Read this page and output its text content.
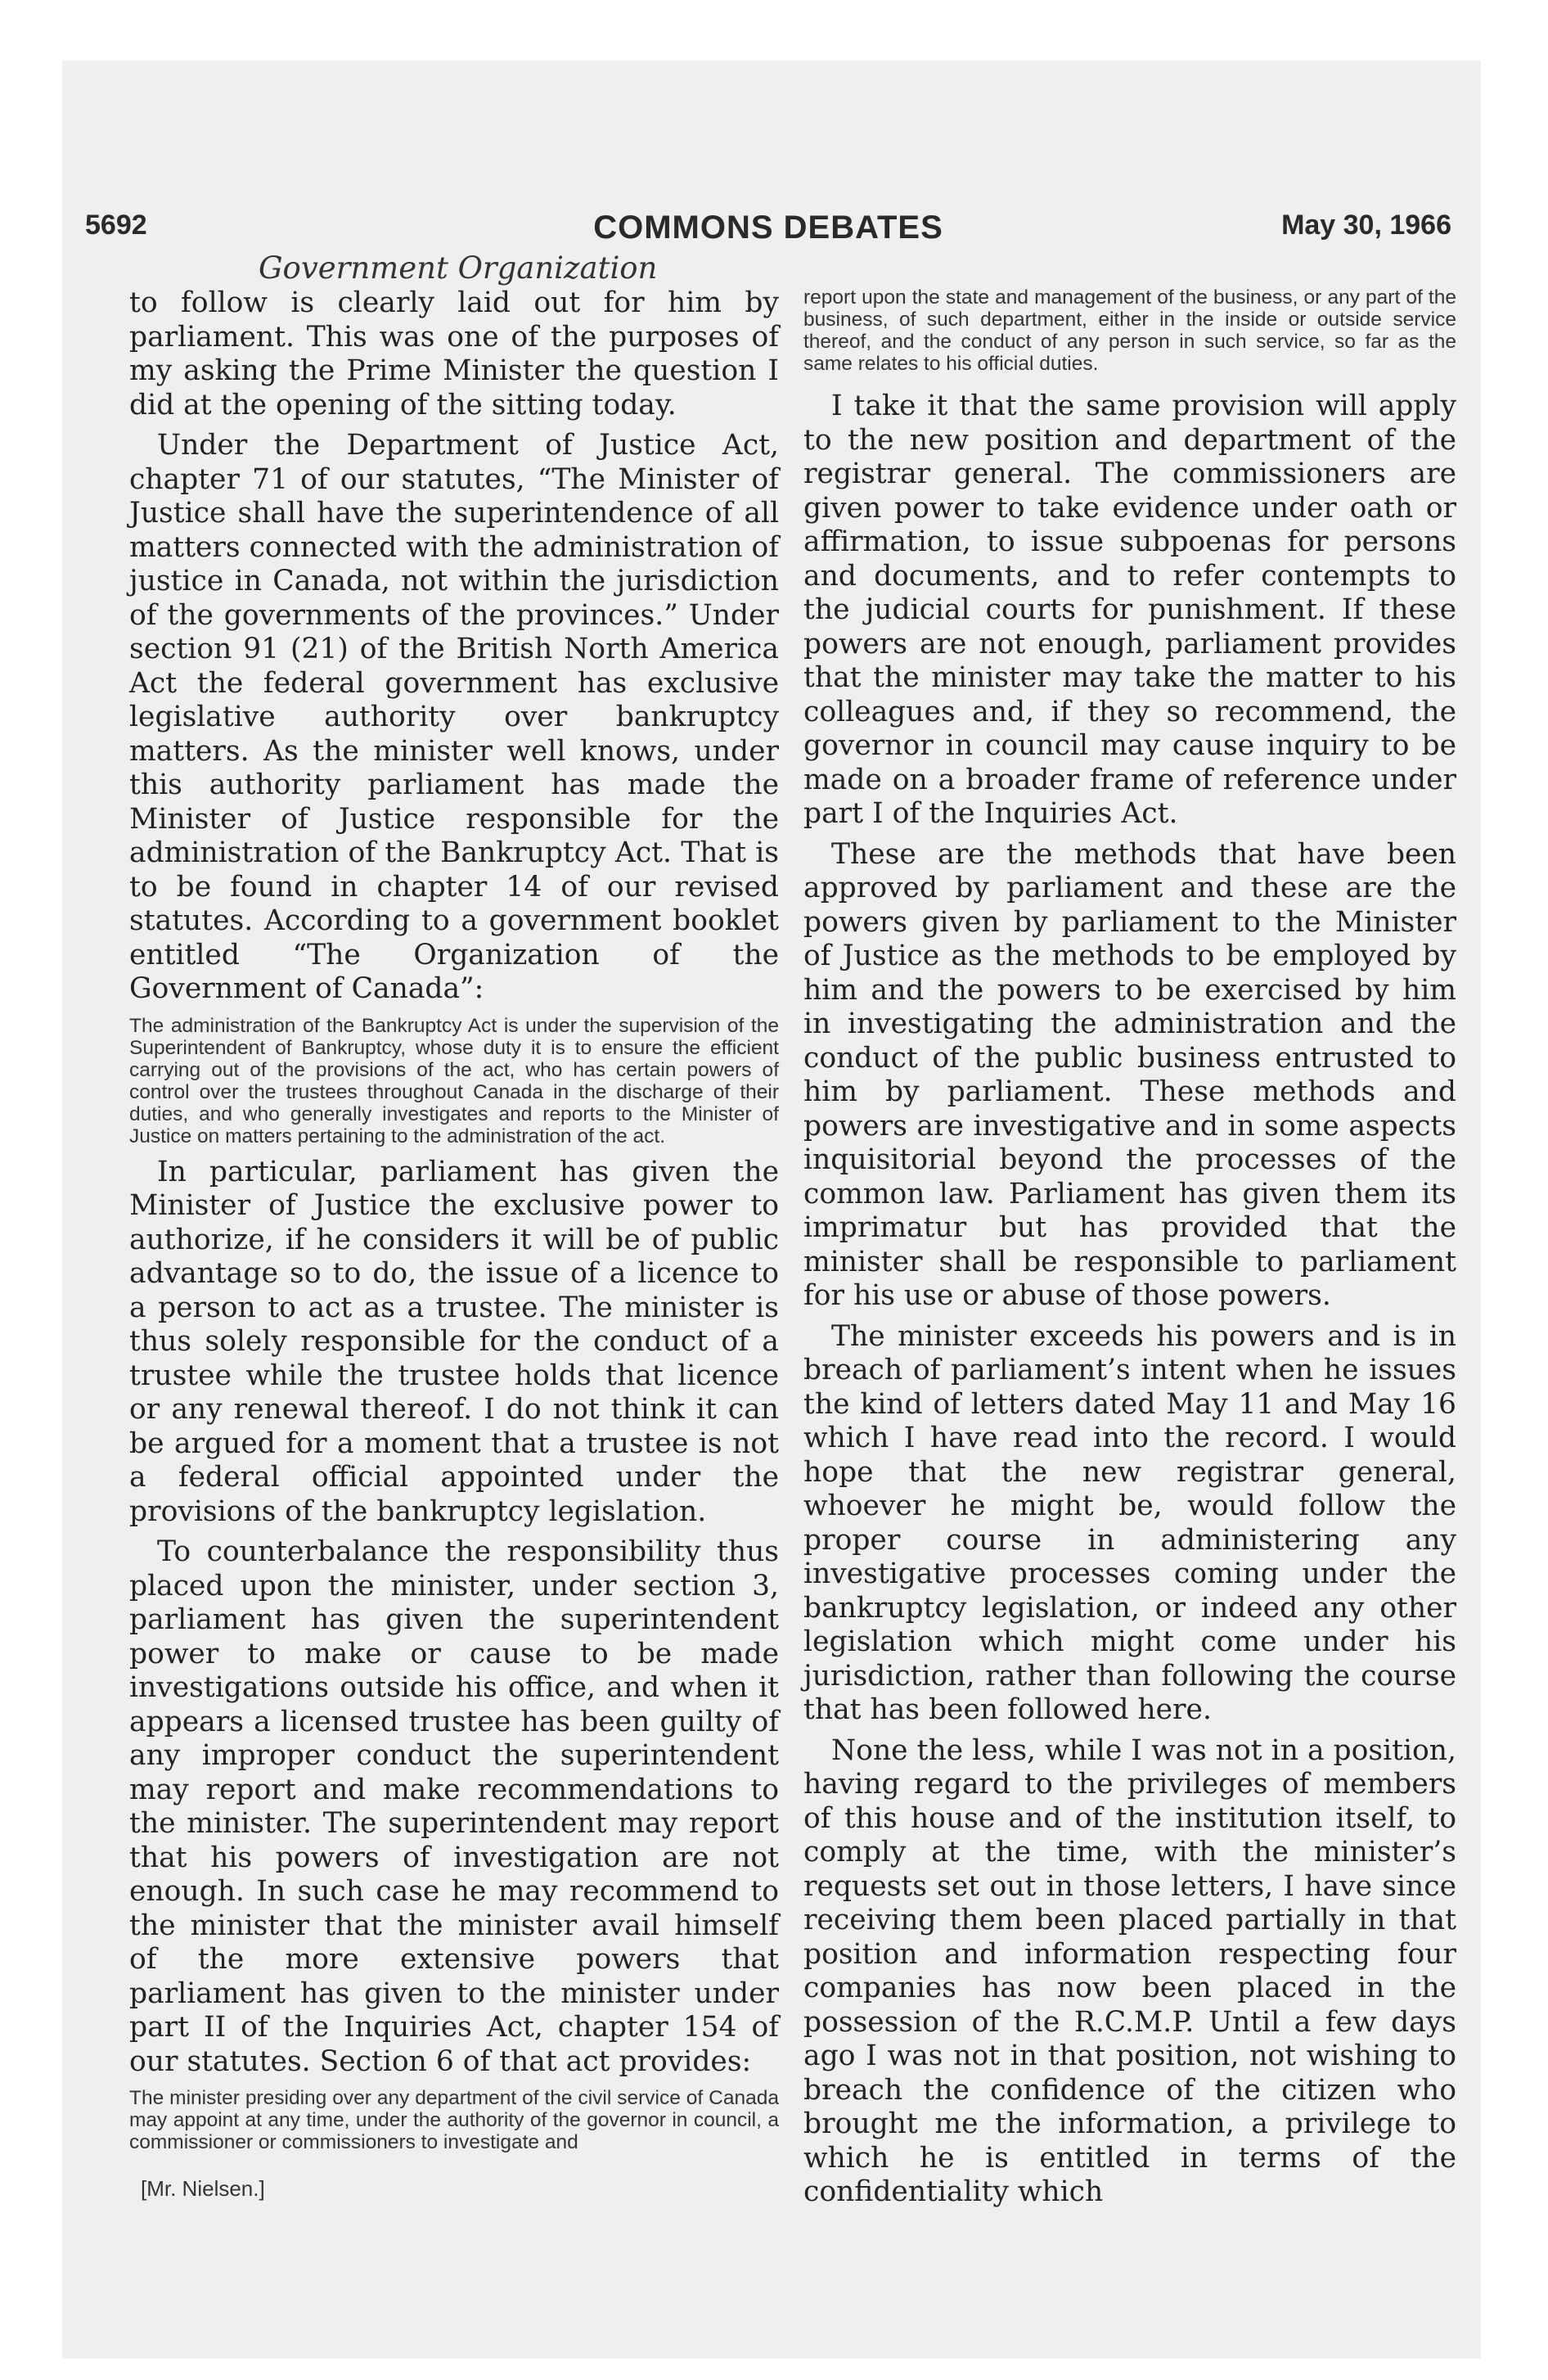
5692	COMMONS DEBATES	May 30, 1966
Government Organization

to follow is clearly laid out for him by parliament. This was one of the purposes of my asking the Prime Minister the question I did at the opening of the sitting today.

Under the Department of Justice Act, chapter 71 of our statutes, “The Minister of Justice shall have the superintendence of all matters connected with the administration of justice in Canada, not within the jurisdiction of the governments of the provinces.” Under section 91 (21) of the British North America Act the federal government has exclusive legislative authority over bankruptcy matters. As the minister well knows, under this authority parliament has made the Minister of Justice responsible for the administration of the Bankruptcy Act. That is to be found in chapter 14 of our revised statutes. According to a government booklet entitled “The Organization of the Government of Canada”:

The administration of the Bankruptcy Act is under the supervision of the Superintendent of Bankruptcy, whose duty it is to ensure the efficient carrying out of the provisions of the act, who has certain powers of control over the trustees throughout Canada in the discharge of their duties, and who generally investigates and reports to the Minister of Justice on matters pertaining to the administration of the act.

In particular, parliament has given the Minister of Justice the exclusive power to authorize, if he considers it will be of public advantage so to do, the issue of a licence to a person to act as a trustee. The minister is thus solely responsible for the conduct of a trustee while the trustee holds that licence or any renewal thereof. I do not think it can be argued for a moment that a trustee is not a federal official appointed under the provisions of the bankruptcy legislation.

To counterbalance the responsibility thus placed upon the minister, under section 3, parliament has given the superintendent power to make or cause to be made investigations outside his office, and when it appears a licensed trustee has been guilty of any improper conduct the superintendent may report and make recommendations to the minister. The superintendent may report that his powers of investigation are not enough. In such case he may recommend to the minister that the minister avail himself of the more extensive powers that parliament has given to the minister under part II of the Inquiries Act, chapter 154 of our statutes. Section 6 of that act provides:

The minister presiding over any department of the civil service of Canada may appoint at any time, under the authority of the governor in council, a commissioner or commissioners to investigate and

[Mr. Nielsen.]

report upon the state and management of the business, or any part of the business, of such department, either in the inside or outside service thereof, and the conduct of any person in such service, so far as the same relates to his official duties.

I take it that the same provision will apply to the new position and department of the registrar general. The commissioners are given power to take evidence under oath or affirmation, to issue subpoenas for persons and documents, and to refer contempts to the judicial courts for punishment. If these powers are not enough, parliament provides that the minister may take the matter to his colleagues and, if they so recommend, the governor in council may cause inquiry to be made on a broader frame of reference under part I of the Inquiries Act.

These are the methods that have been approved by parliament and these are the powers given by parliament to the Minister of Justice as the methods to be employed by him and the powers to be exercised by him in investigating the administration and the conduct of the public business entrusted to him by parliament. These methods and powers are investigative and in some aspects inquisitorial beyond the processes of the common law. Parliament has given them its imprimatur but has provided that the minister shall be responsible to parliament for his use or abuse of those powers.

The minister exceeds his powers and is in breach of parliament’s intent when he issues the kind of letters dated May 11 and May 16 which I have read into the record. I would hope that the new registrar general, whoever he might be, would follow the proper course in administering any investigative processes coming under the bankruptcy legislation, or indeed any other legislation which might come under his jurisdiction, rather than following the course that has been followed here.

None the less, while I was not in a position, having regard to the privileges of members of this house and of the institution itself, to comply at the time, with the minister’s requests set out in those letters, I have since receiving them been placed partially in that position and information respecting four companies has now been placed in the possession of the R.C.M.P. Until a few days ago I was not in that position, not wishing to breach the confidence of the citizen who brought me the information, a privilege to which he is entitled in terms of the confidentiality which
